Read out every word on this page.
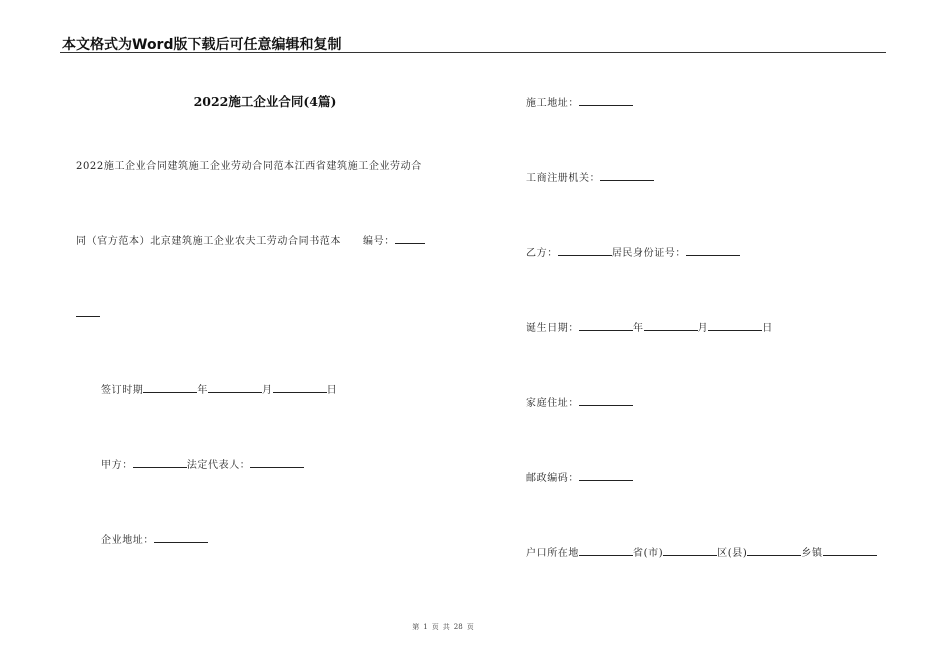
本文格式为Word版下载后可任意编辑和复制
2022施工企业合同(4篇)
2022施工企业合同建筑施工企业劳动合同范本江西省建筑施工企业劳动合
同（官方范本）北京建筑施工企业农夫工劳动合同书范本 编号：
签订时期	年	月	日
甲方：	法定代表人：
企业地址：
施工地址：
工商注册机关：
乙方：	居民身份证号：
诞生日期：	年	月	日
家庭住址：
邮政编码：
户口所在地	省(市)	区(县)	乡镇
第 1 页 共 28 页
